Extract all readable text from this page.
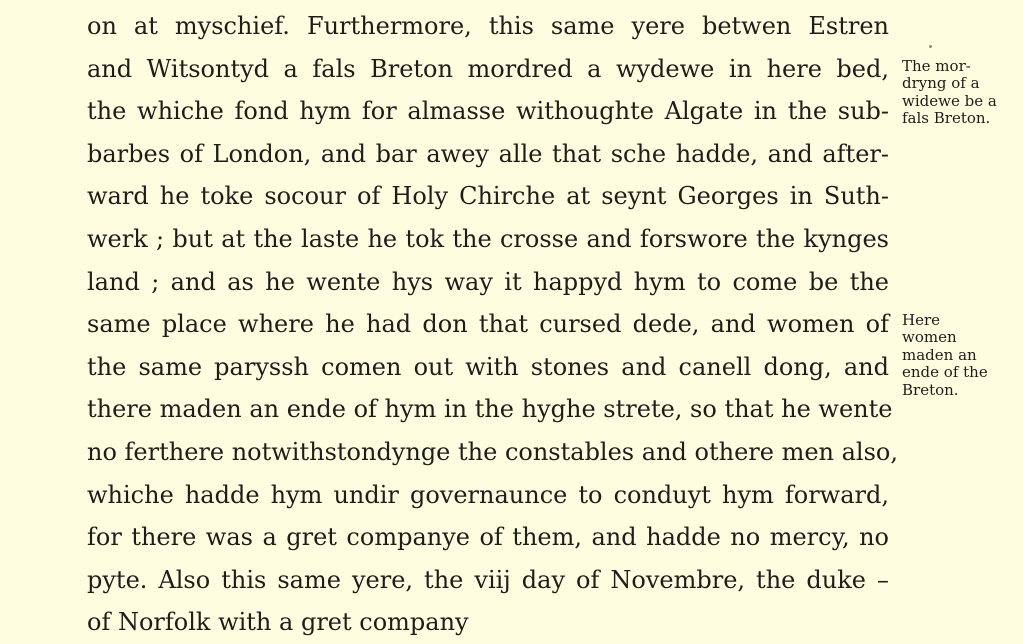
on at myschief. Furthermore, this same yere betwen Estren
and Witsontyd a fals Breton mordred a wydewe in here bed,
the whiche fond hym for almasse withoughte Algate in the sub-
barbes of London, and bar awey alle that sche hadde, and after-
ward he toke socour of Holy Chirche at seynt Georges in Suth-
werk ; but at the laste he tok the crosse and forswore the kynges
land ; and as he wente hys way it happyd hym to come be the
same place where he had don that cursed dede, and women of
the same paryssh comen out with stones and canell dong, and
there maden an ende of hym in the hyghe strete, so that he wente
no ferthere notwithstondynge the constables and othere men also,
whiche hadde hym undir governaunce to conduyt hym forward,
for there was a gret companye of them, and hadde no mercy, no
pyte. Also this same yere, the viij day of Novembre, the duke –
of Norfolk with a gret company
The mor-
dryng of a
widewe be a
fals Breton.
Here
women
maden an
ende of the
Breton.
